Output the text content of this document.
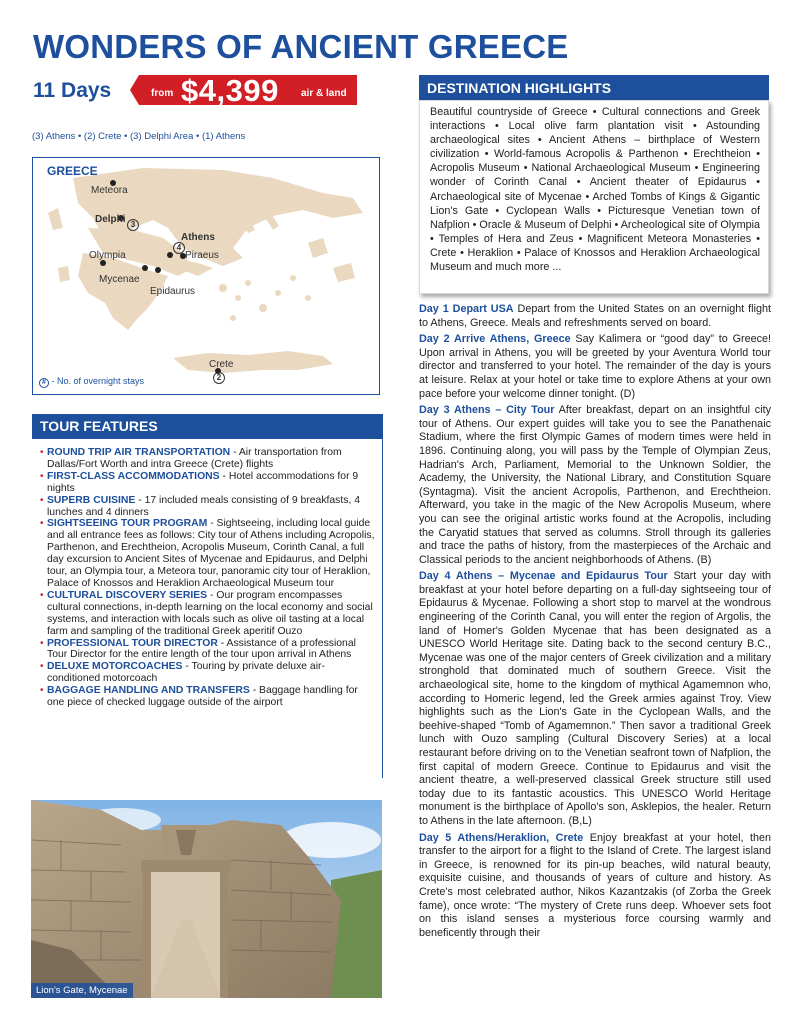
WONDERS OF ANCIENT GREECE
11 Days	from $4,399 air & land
(3) Athens • (2) Crete • (3) Delphi Area • (1) Athens
GREECE
Meteora
Delphi 3
Athens
4
Piraeus
Olympia
Mycenae
Epidaurus
Crete
2
# - No. of overnight stays
TOUR FEATURES
• ROUND TRIP AIR TRANSPORTATION - Air transportation from Dallas/Fort Worth and intra Greece (Crete) flights
• FIRST-CLASS ACCOMMODATIONS - Hotel accommodations for 9 nights
• SUPERB CUISINE - 17 included meals consisting of 9 breakfasts, 4 lunches and 4 dinners
• SIGHTSEEING TOUR PROGRAM - Sightseeing, including local guide and all entrance fees as follows: City tour of Athens including Acropolis, Parthenon, and Erechtheion, Acropolis Museum, Corinth Canal, a full day excursion to Ancient Sites of Mycenae and Epidaurus, and Delphi tour, an Olympia tour, a Meteora tour, panoramic city tour of Heraklion, Palace of Knossos and Heraklion Archaeological Museum tour
• CULTURAL DISCOVERY SERIES - Our program encompasses cultural connections, in-depth learning on the local economy and social systems, and interaction with locals such as olive oil tasting at a local farm and sampling of the traditional Greek aperitif Ouzo
• PROFESSIONAL TOUR DIRECTOR - Assistance of a professional Tour Director for the entire length of the tour upon arrival in Athens
• DELUXE MOTORCOACHES - Touring by private deluxe air-conditioned motorcoach
• BAGGAGE HANDLING AND TRANSFERS - Baggage handling for one piece of checked luggage outside of the airport
Lion's Gate, Mycenae
DESTINATION HIGHLIGHTS
Beautiful countryside of Greece • Cultural connections and Greek interactions • Local olive farm plantation visit • Astounding archaeological sites • Ancient Athens – birthplace of Western civilization • World-famous Acropolis & Parthenon • Erechtheion • Acropolis Museum • National Archaeological Museum • Engineering wonder of Corinth Canal • Ancient theater of Epidaurus • Archaeological site of Mycenae • Arched Tombs of Kings & Gigantic Lion's Gate • Cyclopean Walls • Picturesque Venetian town of Nafplion • Oracle & Museum of Delphi • Archeological site of Olympia • Temples of Hera and Zeus • Magnificent Meteora Monasteries • Crete • Heraklion • Palace of Knossos and Heraklion Archaeological Museum and much more ...

Day 1 Depart USA Depart from the United States on an overnight flight to Athens, Greece. Meals and refreshments served on board.

Day 2 Arrive Athens, Greece Say Kalimera or “good day” to Greece! Upon arrival in Athens, you will be greeted by your Aventura World tour director and transferred to your hotel. The remainder of the day is yours at leisure. Relax at your hotel or take time to explore Athens at your own pace before your welcome dinner tonight. (D)

Day 3 Athens – City Tour After breakfast, depart on an insightful city tour of Athens. Our expert guides will take you to see the Panathenaic Stadium, where the first Olympic Games of modern times were held in 1896. Continuing along, you will pass by the Temple of Olympian Zeus, Hadrian's Arch, Parliament, Memorial to the Unknown Soldier, the Academy, the University, the National Library, and Constitution Square (Syntagma). Visit the ancient Acropolis, Parthenon, and Erechtheion. Afterward, you take in the magic of the New Acropolis Museum, where you can see the original artistic works found at the Acropolis, including the Caryatid statues that served as columns. Stroll through its galleries and trace the paths of history, from the masterpieces of the Archaic and Classical periods to the ancient neighborhoods of Athens. (B)

Day 4 Athens – Mycenae and Epidaurus Tour Start your day with breakfast at your hotel before departing on a full-day sightseeing tour of Epidaurus & Mycenae. Following a short stop to marvel at the wondrous engineering of the Corinth Canal, you will enter the region of Argolis, the land of Homer's Golden Mycenae that has been designated as a UNESCO World Heritage site. Dating back to the second century B.C., Mycenae was one of the major centers of Greek civilization and a military stronghold that dominated much of southern Greece. Visit the archaeological site, home to the kingdom of mythical Agamemnon who, according to Homeric legend, led the Greek armies against Troy. View highlights such as the Lion's Gate in the Cyclopean Walls, and the beehive-shaped “Tomb of Agamemnon.” Then savor a traditional Greek lunch with Ouzo sampling (Cultural Discovery Series) at a local restaurant before driving on to the Venetian seafront town of Nafplion, the first capital of modern Greece. Continue to Epidaurus and visit the ancient theatre, a well-preserved classical Greek structure still used today due to its fantastic acoustics. This UNESCO World Heritage monument is the birthplace of Apollo's son, Asklepios, the healer. Return to Athens in the late afternoon. (B,L)

Day 5 Athens/Heraklion, Crete Enjoy breakfast at your hotel, then transfer to the airport for a flight to the Island of Crete. The largest island in Greece, is renowned for its pin-up beaches, wild natural beauty, exquisite cuisine, and thousands of years of culture and history. As Crete's most celebrated author, Nikos Kazantzakis (of Zorba the Greek fame), once wrote: “The mystery of Crete runs deep. Whoever sets foot on this island senses a mysterious force coursing warmly and beneficently through their
